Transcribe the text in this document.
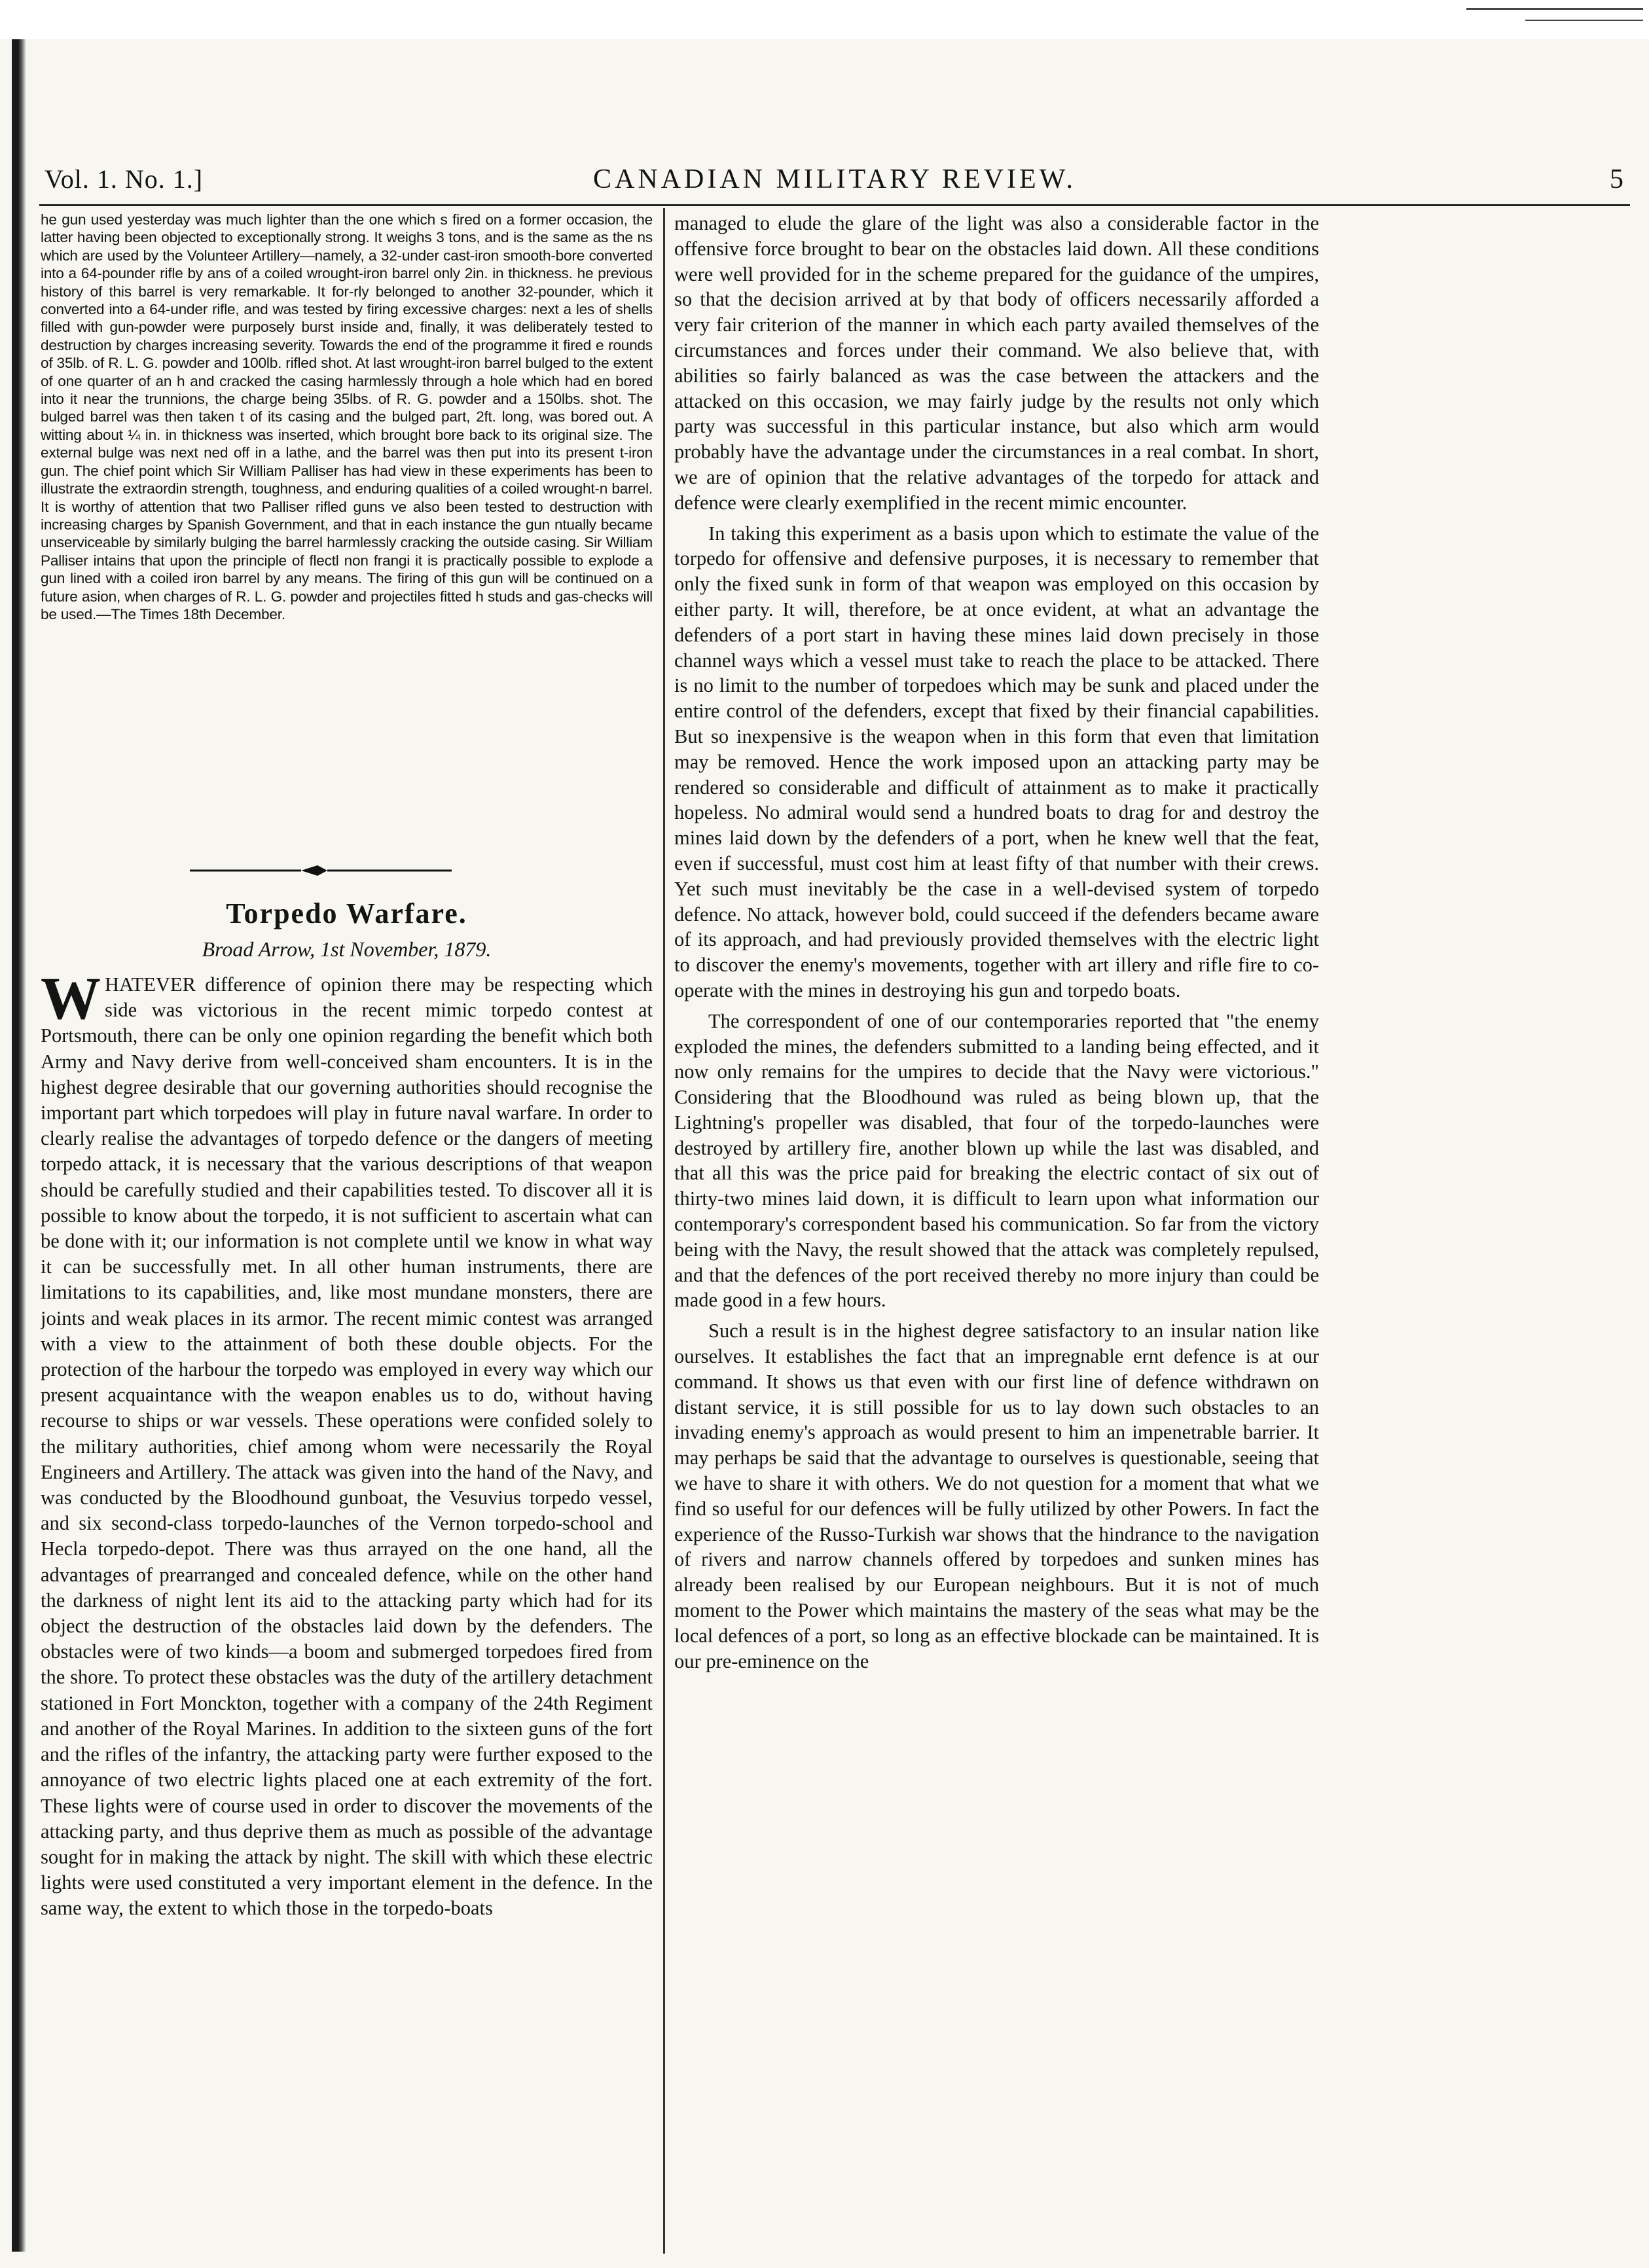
Vol. 1. No. 1.]	CANADIAN MILITARY REVIEW.	5

he gun used yesterday was much lighter than the one which s fired on a former occasion, the latter having been objected to exceptionally strong. It weighs 3 tons, and is the same as the ns which are used by the Volunteer Artillery—namely, a 32-under cast-iron smooth-bore converted into a 64-pounder rifle by ans of a coiled wrought-iron barrel only 2in. in thickness. he previous history of this barrel is very remarkable. It for-rly belonged to another 32-pounder, which it converted into a 64-under rifle, and was tested by firing excessive charges: next a les of shells filled with gun-powder were purposely burst inside and, finally, it was deliberately tested to destruction by charges increasing severity. Towards the end of the programme it fired e rounds of 35lb. of R. L. G. powder and 100lb. rifled shot. At last wrought-iron barrel bulged to the extent of one quarter of an h and cracked the casing harmlessly through a hole which had en bored into it near the trunnions, the charge being 35lbs. of R. G. powder and a 150lbs. shot. The bulged barrel was then taken t of its casing and the bulged part, 2ft. long, was bored out. A witting about ¼ in. in thickness was inserted, which brought bore back to its original size. The external bulge was next ned off in a lathe, and the barrel was then put into its present t-iron gun. The chief point which Sir William Palliser has had view in these experiments has been to illustrate the extraordin strength, toughness, and enduring qualities of a coiled wrought-n barrel. It is worthy of attention that two Palliser rifled guns ve also been tested to destruction with increasing charges by Spanish Government, and that in each instance the gun ntually became unserviceable by similarly bulging the barrel harmlessly cracking the outside casing. Sir William Palliser intains that upon the principle of flectl non frangi it is practically possible to explode a gun lined with a coiled iron barrel by any means. The firing of this gun will be continued on a future asion, when charges of R. L. G. powder and projectiles fitted h studs and gas-checks will be used.—The Times 18th December.

Torpedo Warfare.
Broad Arrow, 1st November, 1879.

WHATEVER difference of opinion there may be respecting which side was victorious in the recent mimic torpedo contest at Portsmouth, there can be only one opinion regarding the benefit which both Army and Navy derive from well-conceived sham encounters. It is in the highest degree desirable that our governing authorities should recognise the important part which torpedoes will play in future naval warfare. In order to clearly realise the advantages of torpedo defence or the dangers of meeting torpedo attack, it is necessary that the various descriptions of that weapon should be carefully studied and their capabilities tested. To discover all it is possible to know about the torpedo, it is not sufficient to ascertain what can be done with it; our information is not complete until we know in what way it can be successfully met. In all other human instruments, there are limitations to its capabilities, and, like most mundane monsters, there are joints and weak places in its armor. The recent mimic contest was arranged with a view to the attainment of both these double objects. For the protection of the harbour the torpedo was employed in every way which our present acquaintance with the weapon enables us to do, without having recourse to ships or war vessels. These operations were confided solely to the military authorities, chief among whom were necessarily the Royal Engineers and Artillery. The attack was given into the hand of the Navy, and was conducted by the Bloodhound gunboat, the Vesuvius torpedo vessel, and six second-class torpedo-launches of the Vernon torpedo-school and Hecla torpedo-depot. There was thus arrayed on the one hand, all the advantages of prearranged and concealed defence, while on the other hand the darkness of night lent its aid to the attacking party which had for its object the destruction of the obstacles laid down by the defenders. The obstacles were of two kinds—a boom and submerged torpedoes fired from the shore. To protect these obstacles was the duty of the artillery detachment stationed in Fort Monckton, together with a company of the 24th Regiment and another of the Royal Marines. In addition to the sixteen guns of the fort and the rifles of the infantry, the attacking party were further exposed to the annoyance of two electric lights placed one at each extremity of the fort. These lights were of course used in order to discover the movements of the attacking party, and thus deprive them as much as possible of the advantage sought for in making the attack by night. The skill with which these electric lights were used constituted a very important element in the defence. In the same way, the extent to which those in the torpedo-boats

managed to elude the glare of the light was also a considerable factor in the offensive force brought to bear on the obstacles laid down. All these conditions were well provided for in the scheme prepared for the guidance of the umpires, so that the decision arrived at by that body of officers necessarily afforded a very fair criterion of the manner in which each party availed themselves of the circumstances and forces under their command. We also believe that, with abilities so fairly balanced as was the case between the attackers and the attacked on this occasion, we may fairly judge by the results not only which party was successful in this particular instance, but also which arm would probably have the advantage under the circumstances in a real combat. In short, we are of opinion that the relative advantages of the torpedo for attack and defence were clearly exemplified in the recent mimic encounter.

In taking this experiment as a basis upon which to estimate the value of the torpedo for offensive and defensive purposes, it is necessary to remember that only the fixed sunk in form of that weapon was employed on this occasion by either party. It will, therefore, be at once evident, at what an advantage the defenders of a port start in having these mines laid down precisely in those channel ways which a vessel must take to reach the place to be attacked. There is no limit to the number of torpedoes which may be sunk and placed under the entire control of the defenders, except that fixed by their financial capabilities. But so inexpensive is the weapon when in this form that even that limitation may be removed. Hence the work imposed upon an attacking party may be rendered so considerable and difficult of attainment as to make it practically hopeless. No admiral would send a hundred boats to drag for and destroy the mines laid down by the defenders of a port, when he knew well that the feat, even if successful, must cost him at least fifty of that number with their crews. Yet such must inevitably be the case in a well-devised system of torpedo defence. No attack, however bold, could succeed if the defenders became aware of its approach, and had previously provided themselves with the electric light to discover the enemy's movements, together with art illery and rifle fire to co-operate with the mines in destroying his gun and torpedo boats.

The correspondent of one of our contemporaries reported that "the enemy exploded the mines, the defenders submitted to a landing being effected, and it now only remains for the umpires to decide that the Navy were victorious." Considering that the Bloodhound was ruled as being blown up, that the Lightning's propeller was disabled, that four of the torpedo-launches were destroyed by artillery fire, another blown up while the last was disabled, and that all this was the price paid for breaking the electric contact of six out of thirty-two mines laid down, it is difficult to learn upon what information our contemporary's correspondent based his communication. So far from the victory being with the Navy, the result showed that the attack was completely repulsed, and that the defences of the port received thereby no more injury than could be made good in a few hours.

Such a result is in the highest degree satisfactory to an insular nation like ourselves. It establishes the fact that an impregnable ernt defence is at our command. It shows us that even with our first line of defence withdrawn on distant service, it is still possible for us to lay down such obstacles to an invading enemy's approach as would present to him an impenetrable barrier. It may perhaps be said that the advantage to ourselves is questionable, seeing that we have to share it with others. We do not question for a moment that what we find so useful for our defences will be fully utilized by other Powers. In fact the experience of the Russo-Turkish war shows that the hindrance to the navigation of rivers and narrow channels offered by torpedoes and sunken mines has already been realised by our European neighbours. But it is not of much moment to the Power which maintains the mastery of the seas what may be the local defences of a port, so long as an effective blockade can be maintained. It is our pre-eminence on the
